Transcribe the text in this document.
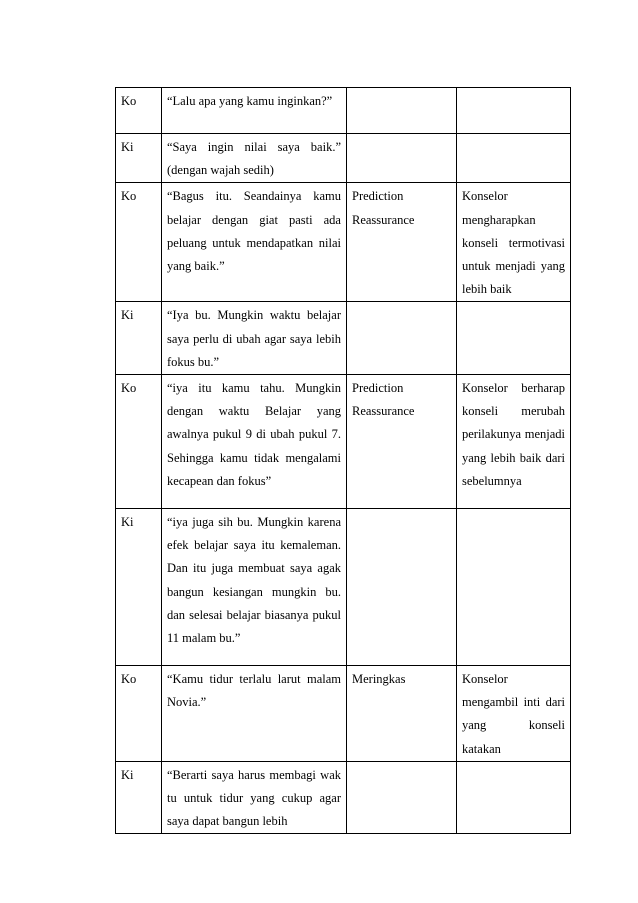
Ko	“Lalu apa yang kamu inginkan?”		
Ki	“Saya ingin nilai saya baik.” (dengan wajah sedih)		
Ko	“Bagus itu. Seandainya kamu belajar dengan giat pasti ada peluang untuk mendapatkan nilai yang baik.”	Prediction Reassurance	Konselor mengharapkan konseli termotivasi untuk menjadi yang lebih baik
Ki	“Iya bu. Mungkin waktu belajar saya perlu di ubah agar saya lebih fokus bu.”		
Ko	“iya itu kamu tahu. Mungkin dengan waktu Belajar yang awalnya pukul 9 di ubah pukul 7. Sehingga kamu tidak mengalami kecapean dan fokus”	Prediction Reassurance	Konselor berharap konseli merubah perilakunya menjadi yang lebih baik dari sebelumnya
Ki	“iya juga sih bu. Mungkin karena efek belajar saya itu kemaleman. Dan itu juga membuat saya agak bangun kesiangan mungkin bu. dan selesai belajar biasanya pukul 11 malam bu.”		
Ko	“Kamu tidur terlalu larut malam Novia.”	Meringkas	Konselor mengambil inti dari yang konseli katakan
Ki	“Berarti saya harus membagi wak tu untuk tidur yang cukup agar saya dapat bangun lebih		
